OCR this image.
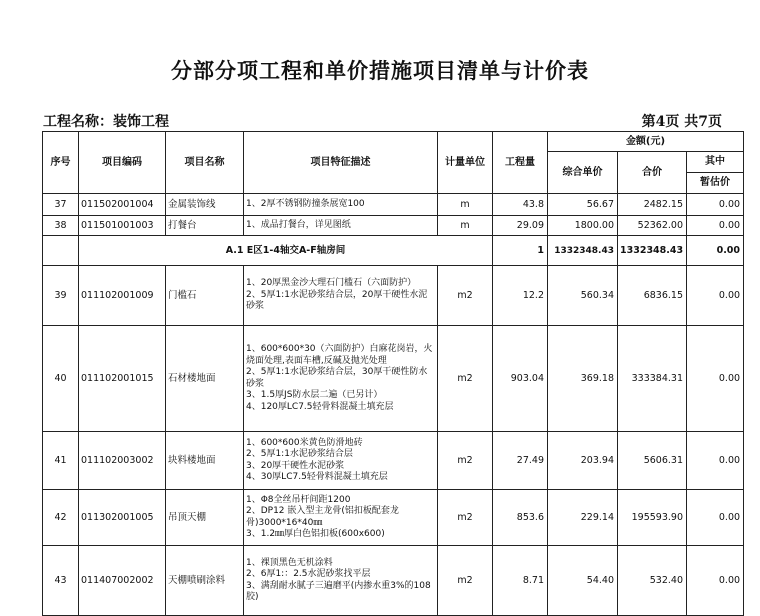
分部分项工程和单价措施项目清单与计价表
工程名称：装饰工程	第4页 共7页
序号	项目编码	项目名称	项目特征描述	计量单位	工程量	金额(元)		
						综合单价	合价	其中
								暂估价
37	011502001004	金属装饰线	1、2厚不锈钢防撞条展宽100	m	43.8	56.67	2482.15	0.00
38	011501001003	打餐台	1、成品打餐台，详见图纸	m	29.09	1800.00	52362.00	0.00
	A.1 E区1-4轴交A-F轴房间				1	1332348.43	1332348.43	0.00
39	011102001009	门槛石	1、20厚黑金沙大理石门槛石（六面防护）
2、5厚1:1水泥砂浆结合层，20厚干硬性水泥砂浆	m2	12.2	560.34	6836.15	0.00
40	011102001015	石材楼地面	1、600*600*30（六面防护）白麻花岗岩，火烧面处理,表面车槽,反碱及抛光处理
2、5厚1:1水泥砂浆结合层，30厚干硬性防水砂浆
3、1.5厚JS防水层二遍（已另计）
4、120厚LC7.5轻骨料混凝土填充层	m2	903.04	369.18	333384.31	0.00
41	011102003002	块料楼地面	1、600*600米黄色防滑地砖
2、5厚1:1水泥砂浆结合层
3、20厚干硬性水泥砂浆
4、30厚LC7.5轻骨料混凝土填充层	m2	27.49	203.94	5606.31	0.00
42	011302001005	吊顶天棚	1、Φ8全丝吊杆间距1200
2、DP12 嵌入型主龙骨(铝扣板配套龙骨)3000*16*40㎜
3、1.2㎜厚白色铝扣板(600x600)	m2	853.6	229.14	195593.90	0.00
43	011407002002	天棚喷刷涂料	1、裸顶黑色无机涂料
2、6厚1:：2.5水泥砂浆找平层
3、满刮耐水腻子三遍磨平(内掺水重3%的108胶)	m2	8.71	54.40	532.40	0.00
